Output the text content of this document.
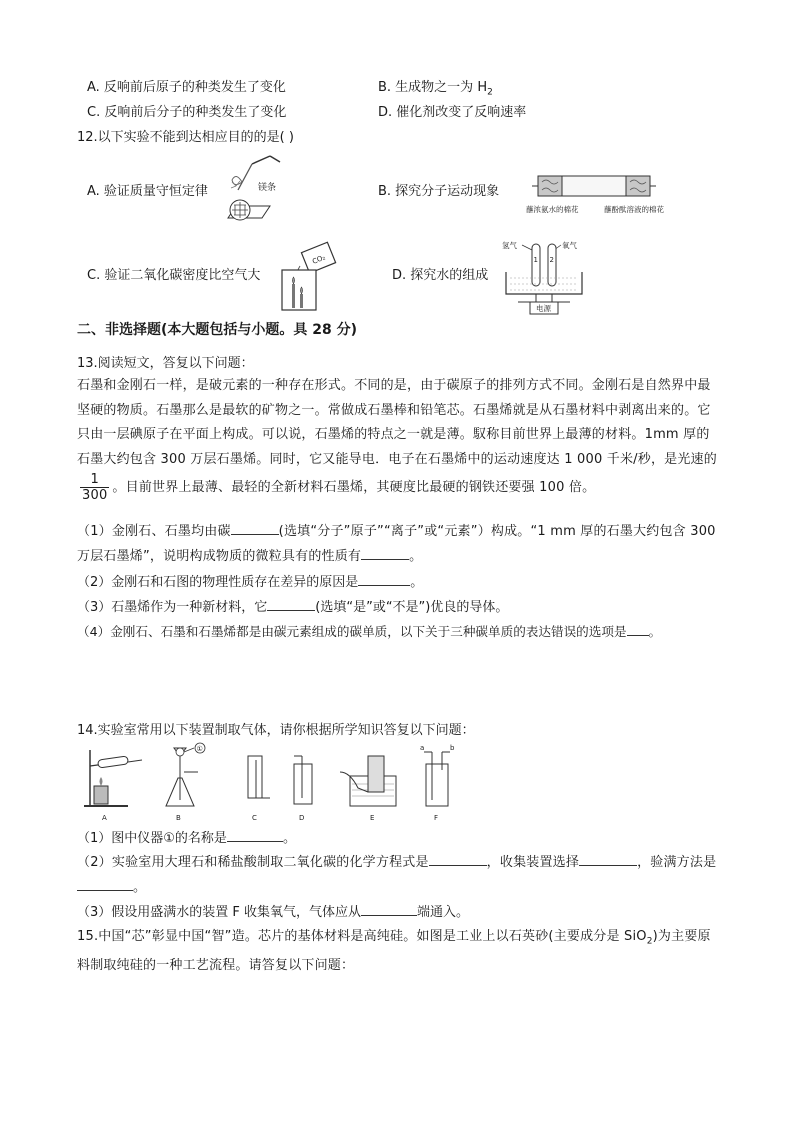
A. 反响前后原子的种类发生了变化	B. 生成物之一为 $H_2$
C. 反响前后分子的种类发生了变化	D. 催化剂改变了反响速率
12.以下实验不能到达相应目的的是( )
A. 验证质量守恒定律	镁条	B. 探究分子运动现象
蘸浓氨水的棉花	蘸酚酞溶液的棉花
C. 验证二氧化碳密度比空气大
CO₂
D. 探究水的组成
氢气	氧气
1 2
电源
二、非选择题(本大题包括与小题。具 28 分)
13.阅读短文，答复以下问题：
石墨和金刚石一样，是破元素的一种存在形式。不同的是，由于碳原子的排列方式不同。金刚石是自然界中最坚硬的物质。石墨那么是最软的矿物之一。常做成石墨棒和铅笔芯。石墨烯就是从石墨材料中剥离出来的。它只由一层碘原子在平面上构成。可以说，石墨烯的特点之一就是薄。馭称目前世界上最薄的材料。1mm 厚的石墨大约包含 300 万层石墨烯。同时，它又能导电．电子在石墨烯中的运动速度达 1 000 千米/秒，是光速的
$\frac{1}{300}$ 。目前世界上最薄、最轻的全新材料石墨烯，其硬度比最硬的钢铁还要强 100 倍。
（1）金刚石、石墨均由碳	(选填“分子”原子”“离子”或“元素”）构成。“1 mm 厚的石墨大约包含 300 万层石墨烯”，说明构成物质的微粒具有的性质有	。
（2）金刚石和石图的物理性质存在差异的原因是	。
（3）石墨烯作为一种新材料，它	(选填“是”或“不是”)优良的导体。
（4）金刚石、石墨和石墨烯都是由碳元素组成的碳单质，以下关于三种碳单质的表达错误的选项是 。
14.实验室常用以下装置制取气体，请你根据所学知识答复以下问题：
A
①
B	C	D	E
a	b
F
（1）图中仪器①的名称是	。
（2）实验室用大理石和稀盐酸制取二氧化碳的化学方程式是	，收集装置选择	，验满方法是。
（3）假设用盛满水的装置 F 收集氧气，气体应从	端通入。
15.中国“芯”彰显中国“智”造。芯片的基体材料是高纯硅。如图是工业上以石英砂(主要成分是 SiO$_2$)为主要原料制取纯硅的一种工艺流程。请答复以下问题：
